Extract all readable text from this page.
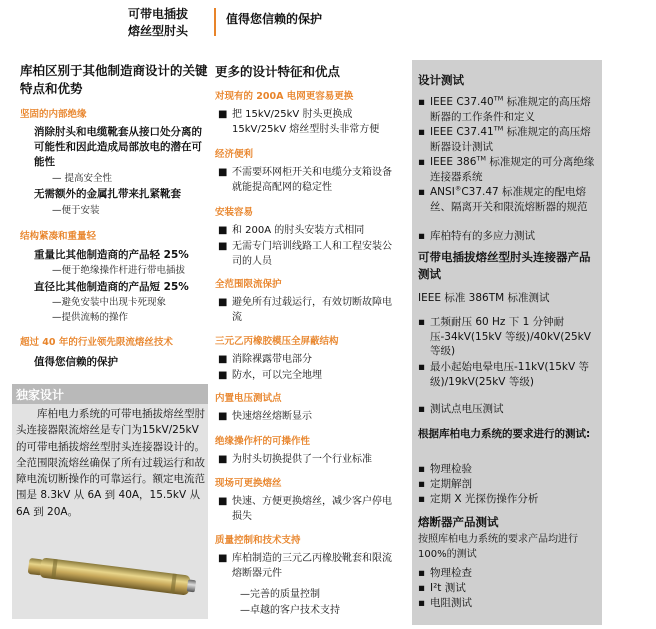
可带电插拔
熔丝型肘头
值得您信赖的保护
库柏区别于其他制造商设计的关键特点和优势
坚固的内部绝缘
消除肘头和电缆靴套从接口处分离的可能性和因此造成局部放电的潜在可能性
— 提高安全性
无需额外的金属扎带来扎紧靴套
—便于安装
结构紧凑和重量轻
重量比其他制造商的产品轻 25%
—便于绝缘操作杆进行带电插拔
直径比其他制造商的产品短 25%
—避免安装中出现卡死现象
—提供流畅的操作
超过 40 年的行业领先限流熔丝技术
值得您信赖的保护
独家设计
库柏电力系统的可带电插拔熔丝型肘头连接器限流熔丝是专门为15kV/25kV 的可带电插拔熔丝型肘头连接器设计的。全范围限流熔丝确保了所有过载运行和故障电流切断操作的可靠运行。额定电流范围是 8.3kV 从 6A 到 40A，15.5kV 从6A 到 20A。
更多的设计特征和优点
对现有的 200A 电网更容易更换
■ 把 15kV/25kV 肘头更换成 15kV/25kV 熔丝型肘头非常方便
经济便利
■ 不需要环网柜开关和电缆分支箱设备就能提高配网的稳定性
安装容易
■ 和 200A 的肘头安装方式相同
■ 无需专门培训线路工人和工程安装公司的人员
全范围限流保护
■ 避免所有过载运行，有效切断故障电流
三元乙丙橡胶模压全屏蔽结构
■ 消除裸露带电部分
■ 防水，可以完全地埋
内置电压测试点
■ 快速熔丝熔断显示
绝缘操作杆的可操作性
■ 为肘头切换提供了一个行业标准
现场可更换熔丝
■ 快速、方便更换熔丝，减少客户停电损失
质量控制和技术支持
■ 库柏制造的三元乙丙橡胶靴套和限流熔断器元件
—完善的质量控制
—卓越的客户技术支持
设计测试
▪ IEEE C37.40™ 标准规定的高压熔断器的工作条件和定义
▪ IEEE C37.41™ 标准规定的高压熔断器设计测试
▪ IEEE 386™ 标准规定的可分离绝缘连接器系统
▪ ANSI®C37.47 标准规定的配电熔丝、隔离开关和限流熔断器的规范
▪ 库柏特有的多应力测试
可带电插拔熔丝型肘头连接器产品测试
IEEE 标准 386TM 标准测试
▪ 工频耐压 60 Hz 下 1 分钟耐压-34kV(15kV 等级)/40kV(25kV 等级)
▪ 最小起始电晕电压-11kV(15kV 等级)/19kV(25kV 等级)
▪ 测试点电压测试
根据库柏电力系统的要求进行的测试:
▪ 物理检验
▪ 定期解剖
▪ 定期 X 光探伤操作分析
熔断器产品测试
按照库柏电力系统的要求产品均进行 100%的测试
▪ 物理检查
▪ I²t 测试
▪ 电阻测试
